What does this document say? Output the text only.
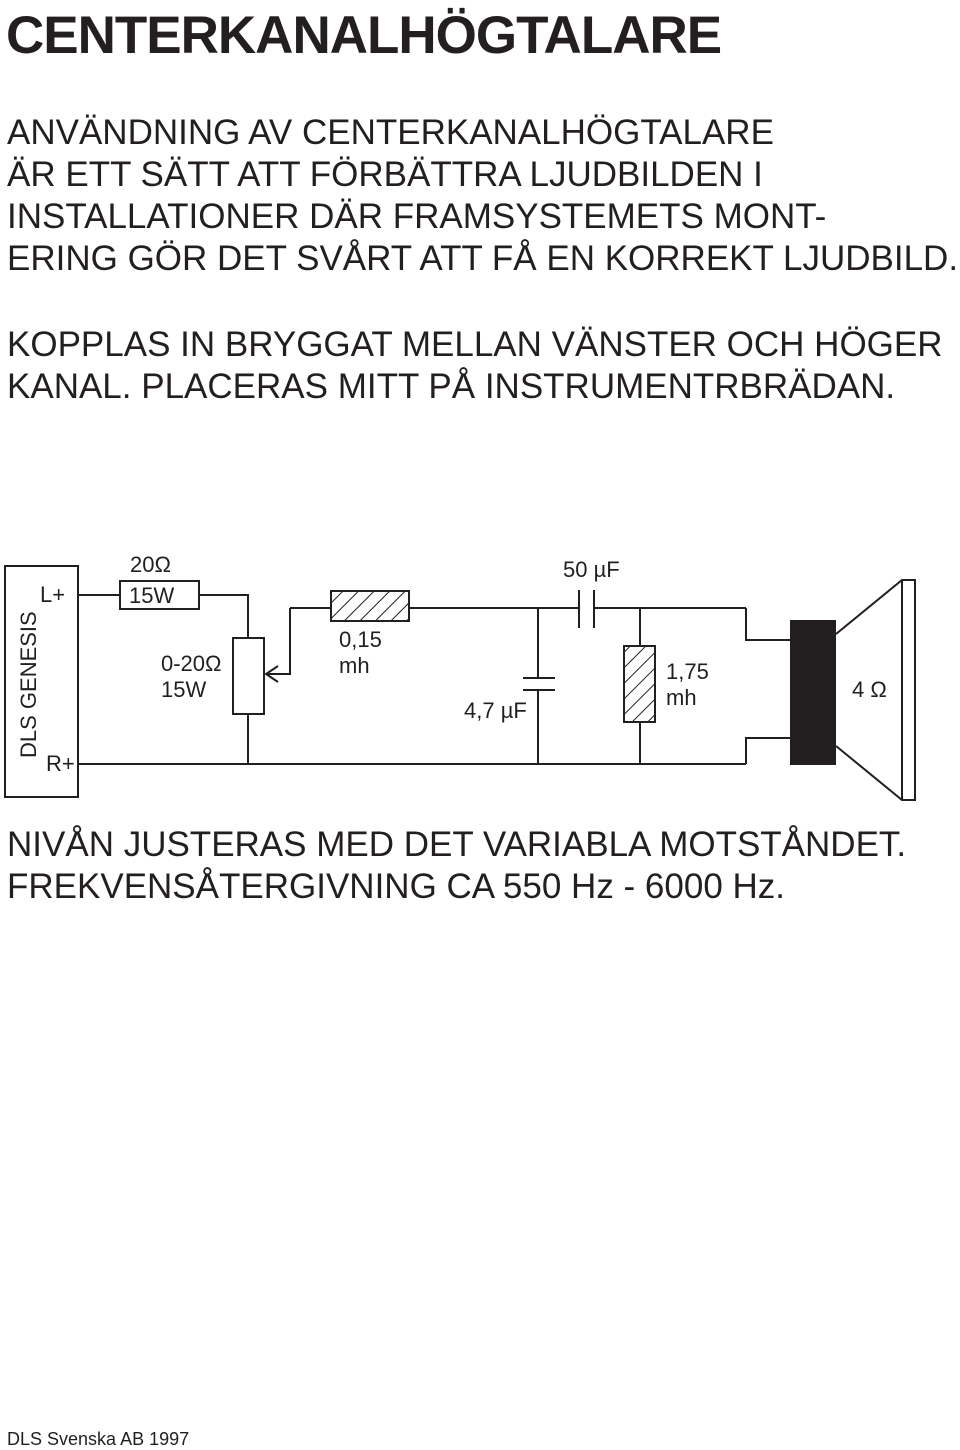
CENTERKANALHÖGTALARE

ANVÄNDNING AV CENTERKANALHÖGTALARE
ÄR ETT SÄTT ATT FÖRBÄTTRA LJUDBILDEN I
INSTALLATIONER DÄR FRAMSYSTEMETS MONT-
ERING GÖR DET SVÅRT ATT FÅ EN KORREKT LJUDBILD.

KOPPLAS IN BRYGGAT MELLAN VÄNSTER OCH HÖGER
KANAL. PLACERAS MITT PÅ INSTRUMENTRBRÄDAN.

DLS GENESIS
L+
R+
20Ω
15W
0-20Ω
15W
0,15
mh
4,7 µF
50 µF
1,75
mh	4 Ω

NIVÅN JUSTERAS MED DET VARIABLA MOTSTÅNDET.
FREKVENSÅTERGIVNING CA 550 Hz - 6000 Hz.

DLS Svenska AB 1997
